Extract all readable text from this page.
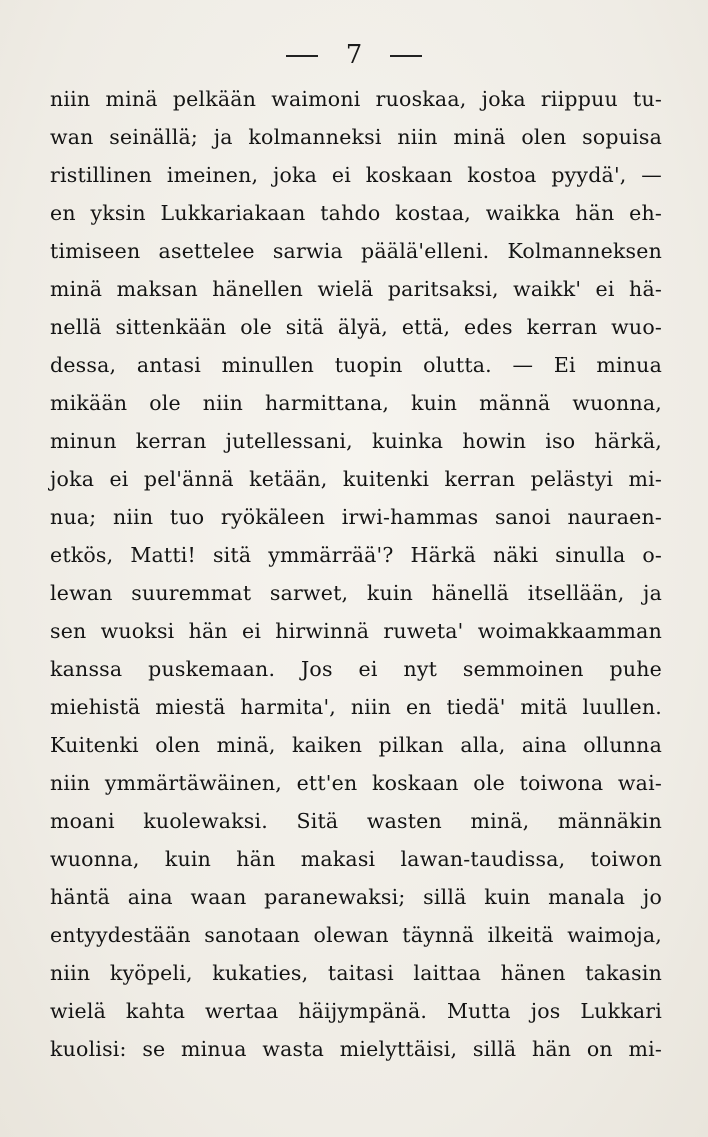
7
niin minä pelkään waimoni ruoskaa, joka riippuu tu-
wan seinällä; ja kolmanneksi niin minä olen sopuisa
ristillinen imeinen, joka ei koskaan kostoa pyydä', —
en yksin Lukkariakaan tahdo kostaa, waikka hän eh-
timiseen asettelee sarwia päälä'elleni. Kolmanneksen
minä maksan hänellen wielä paritsaksi, waikk' ei hä-
nellä sittenkään ole sitä älyä, että, edes kerran wuo-
dessa, antasi minullen tuopin olutta. — Ei minua
mikään ole niin harmittana, kuin männä wuonna,
minun kerran jutellessani, kuinka howin iso härkä,
joka ei pel'ännä ketään, kuitenki kerran pelästyi mi-
nua; niin tuo ryökäleen irwi-hammas sanoi nauraen-
etkös, Matti! sitä ymmärrää'? Härkä näki sinulla o-
lewan suuremmat sarwet, kuin hänellä itsellään, ja
sen wuoksi hän ei hirwinnä ruweta' woimakkaamman
kanssa puskemaan. Jos ei nyt semmoinen puhe
miehistä miestä harmita', niin en tiedä' mitä luullen.
Kuitenki olen minä, kaiken pilkan alla, aina ollunna
niin ymmärtäwäinen, ett'en koskaan ole toiwona wai-
moani kuolewaksi. Sitä wasten minä, männäkin
wuonna, kuin hän makasi lawan-taudissa, toiwon
häntä aina waan paranewaksi; sillä kuin manala jo
entyydestään sanotaan olewan täynnä ilkeitä waimoja,
niin kyöpeli, kukaties, taitasi laittaa hänen takasin
wielä kahta wertaa häijympänä. Mutta jos Lukkari
kuolisi: se minua wasta mielyttäisi, sillä hän on mi-
